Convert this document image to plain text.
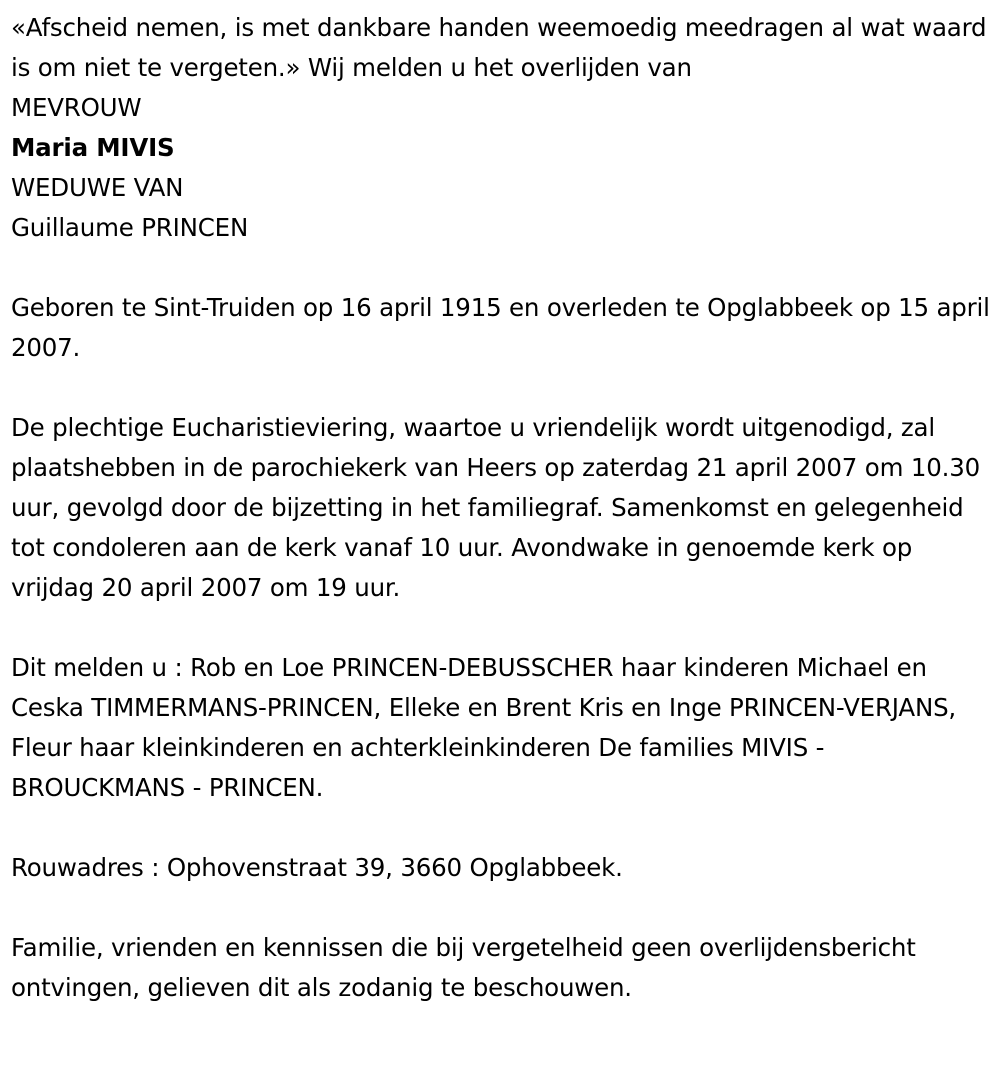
«Afscheid nemen, is met dankbare handen weemoedig meedragen al wat waard is om niet te vergeten.» Wij melden u het overlijden van

MEVROUW

Maria MIVIS

WEDUWE VAN

Guillaume PRINCEN

Geboren te Sint-Truiden op 16 april 1915 en overleden te Opglabbeek op 15 april 2007.

De plechtige Eucharistieviering, waartoe u vriendelijk wordt uitgenodigd, zal plaatshebben in de parochiekerk van Heers op zaterdag 21 april 2007 om 10.30 uur, gevolgd door de bijzetting in het familiegraf. Samenkomst en gelegenheid tot condoleren aan de kerk vanaf 10 uur. Avondwake in genoemde kerk op vrijdag 20 april 2007 om 19 uur.

Dit melden u : Rob en Loe PRINCEN-DEBUSSCHER haar kinderen Michael en Ceska TIMMERMANS-PRINCEN, Elleke en Brent Kris en Inge PRINCEN-VERJANS, Fleur haar kleinkinderen en achterkleinkinderen De families MIVIS - BROUCKMANS - PRINCEN.

Rouwadres : Ophovenstraat 39, 3660 Opglabbeek.

Familie, vrienden en kennissen die bij vergetelheid geen overlijdensbericht ontvingen, gelieven dit als zodanig te beschouwen.
